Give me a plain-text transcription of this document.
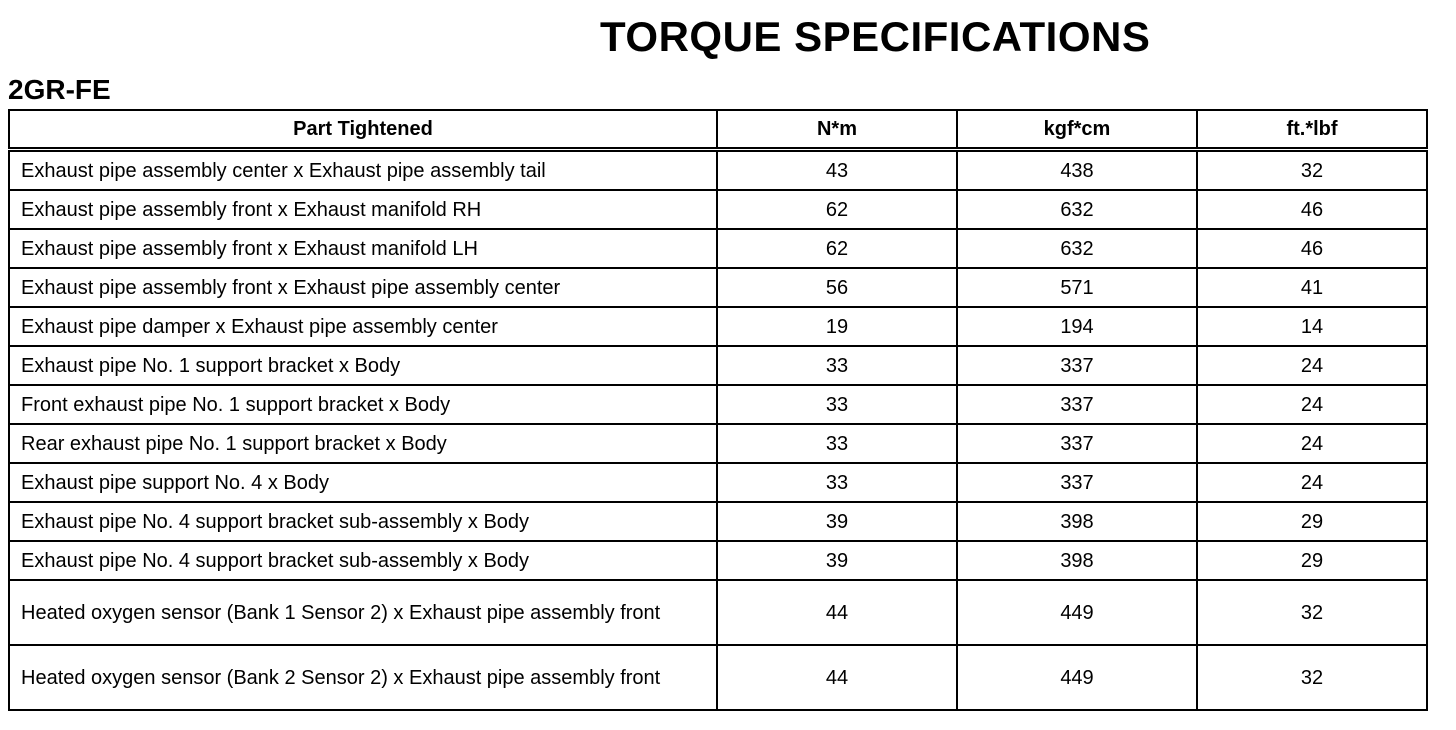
TORQUE SPECIFICATIONS
2GR-FE
Part Tightened	N*m	kgf*cm	ft.*lbf
Exhaust pipe assembly center x Exhaust pipe assembly tail	43	438	32
Exhaust pipe assembly front x Exhaust manifold RH	62	632	46
Exhaust pipe assembly front x Exhaust manifold LH	62	632	46
Exhaust pipe assembly front x Exhaust pipe assembly center	56	571	41
Exhaust pipe damper x Exhaust pipe assembly center	19	194	14
Exhaust pipe No. 1 support bracket x Body	33	337	24
Front exhaust pipe No. 1 support bracket x Body	33	337	24
Rear exhaust pipe No. 1 support bracket x Body	33	337	24
Exhaust pipe support No. 4 x Body	33	337	24
Exhaust pipe No. 4 support bracket sub-assembly x Body	39	398	29
Exhaust pipe No. 4 support bracket sub-assembly x Body	39	398	29
Heated oxygen sensor (Bank 1 Sensor 2) x Exhaust pipe assembly front	44	449	32
Heated oxygen sensor (Bank 2 Sensor 2) x Exhaust pipe assembly front	44	449	32
